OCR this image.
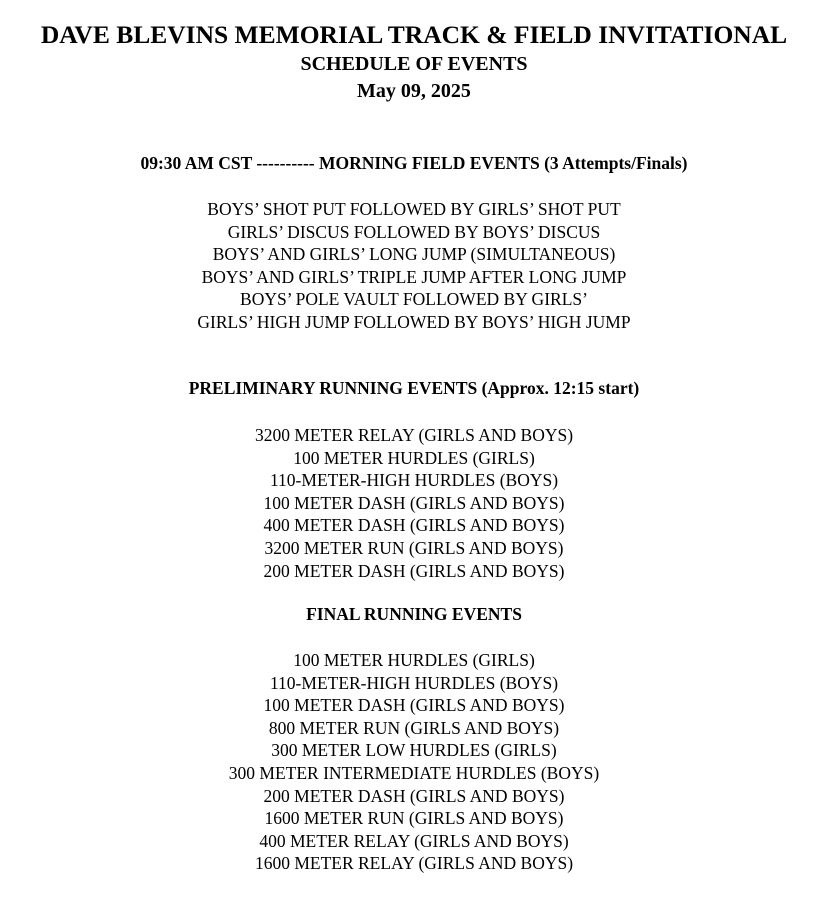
DAVE BLEVINS MEMORIAL TRACK & FIELD INVITATIONAL
SCHEDULE OF EVENTS
May 09, 2025
09:30 AM CST ---------- MORNING FIELD EVENTS (3 Attempts/Finals)
BOYS’ SHOT PUT FOLLOWED BY GIRLS’ SHOT PUT
GIRLS’ DISCUS FOLLOWED BY BOYS’ DISCUS
BOYS’ AND GIRLS’ LONG JUMP (SIMULTANEOUS)
BOYS’ AND GIRLS’ TRIPLE JUMP AFTER LONG JUMP
BOYS’ POLE VAULT FOLLOWED BY GIRLS’
GIRLS’ HIGH JUMP FOLLOWED BY BOYS’ HIGH JUMP
PRELIMINARY RUNNING EVENTS (Approx. 12:15 start)
3200 METER RELAY (GIRLS AND BOYS)
100 METER HURDLES (GIRLS)
110-METER-HIGH HURDLES (BOYS)
100 METER DASH (GIRLS AND BOYS)
400 METER DASH (GIRLS AND BOYS)
3200 METER RUN (GIRLS AND BOYS)
200 METER DASH (GIRLS AND BOYS)
FINAL RUNNING EVENTS
100 METER HURDLES (GIRLS)
110-METER-HIGH HURDLES (BOYS)
100 METER DASH (GIRLS AND BOYS)
800 METER RUN (GIRLS AND BOYS)
300 METER LOW HURDLES (GIRLS)
300 METER INTERMEDIATE HURDLES (BOYS)
200 METER DASH (GIRLS AND BOYS)
1600 METER RUN (GIRLS AND BOYS)
400 METER RELAY (GIRLS AND BOYS)
1600 METER RELAY (GIRLS AND BOYS)
